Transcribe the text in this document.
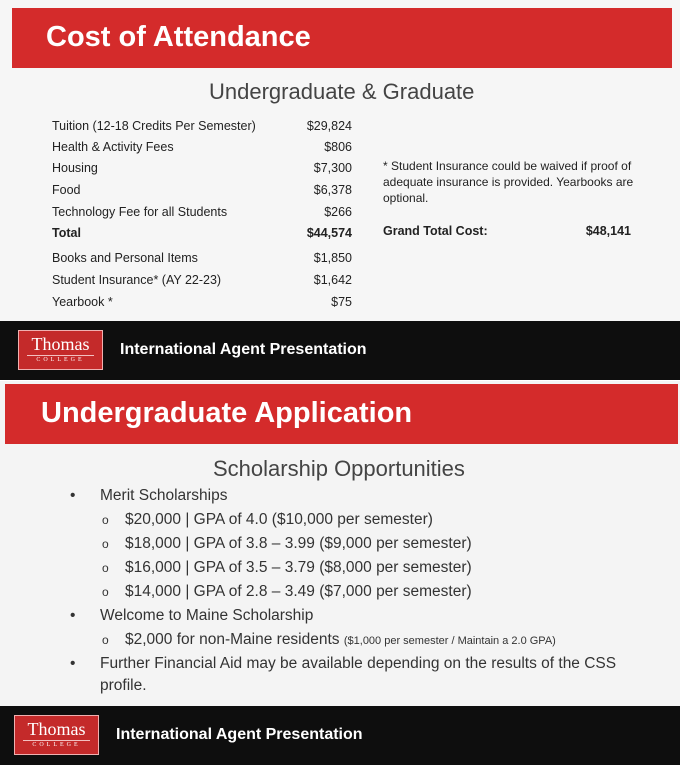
Cost of Attendance
Undergraduate & Graduate
Tuition (12-18 Credits Per Semester)	$29,824
Health & Activity Fees	$806
Housing	$7,300
Food	$6,378
Technology Fee for all Students	$266
Total	$44,574
Books and Personal Items	$1,850
Student Insurance* (AY 22-23)	$1,642
Yearbook *	$75
* Student Insurance could be waived if proof of adequate insurance is provided. Yearbooks are optional.
Grand Total Cost:	$48,141
Thomas
COLLEGE
International Agent Presentation
Undergraduate Application
Scholarship Opportunities
• Merit Scholarships
o $20,000 | GPA of 4.0 ($10,000 per semester)
o $18,000 | GPA of 3.8 – 3.99 ($9,000 per semester)
o $16,000 | GPA of 3.5 – 3.79 ($8,000 per semester)
o $14,000 | GPA of 2.8 – 3.49 ($7,000 per semester)
• Welcome to Maine Scholarship
o $2,000 for non-Maine residents ($1,000 per semester / Maintain a 2.0 GPA)
• Further Financial Aid may be available depending on the results of the CSS profile.
Thomas
COLLEGE
International Agent Presentation
